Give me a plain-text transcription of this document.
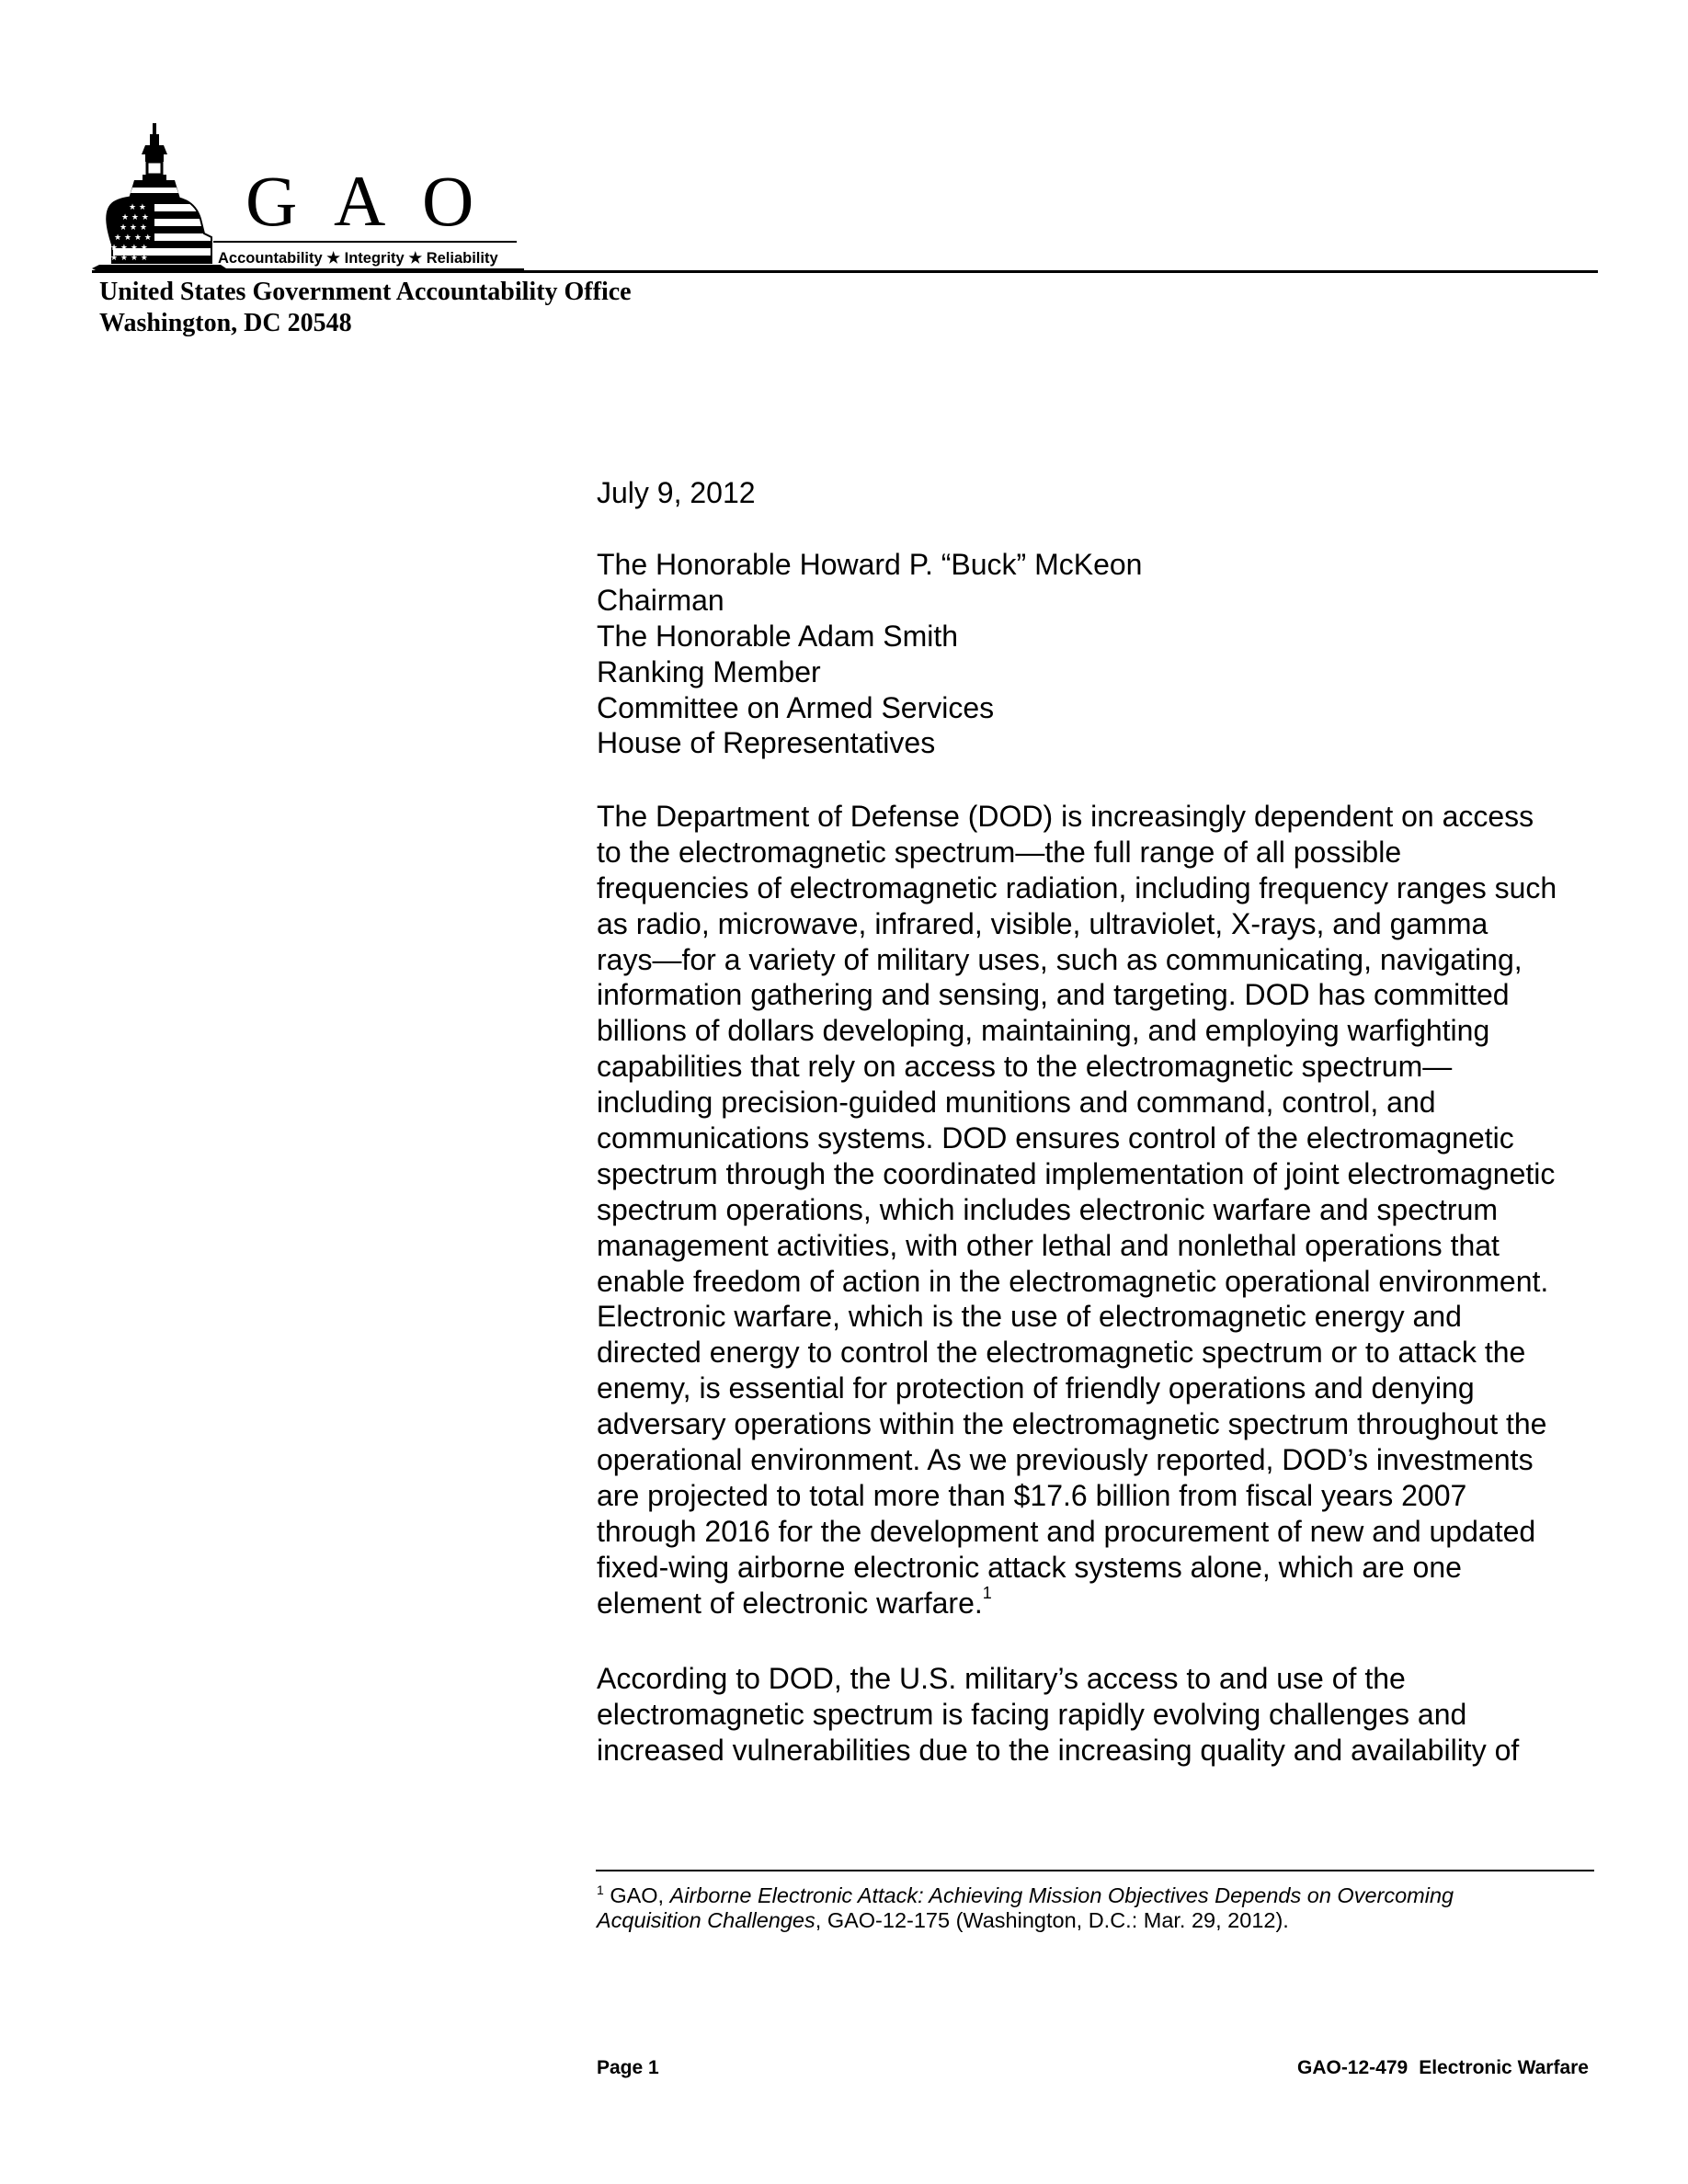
★ ★
★ ★ ★
★ ★ ★
★ ★ ★ ★
★ ★ ★ ★
★ ★ ★ ★
G A O
Accountability ★ Integrity ★ Reliability
United States Government Accountability Office
Washington, DC 20548
July 9, 2012
The Honorable Howard P. “Buck” McKeon
Chairman
The Honorable Adam Smith
Ranking Member
Committee on Armed Services
House of Representatives
The Department of Defense (DOD) is increasingly dependent on access
to the electromagnetic spectrum—the full range of all possible
frequencies of electromagnetic radiation, including frequency ranges such
as radio, microwave, infrared, visible, ultraviolet, X-rays, and gamma
rays—for a variety of military uses, such as communicating, navigating,
information gathering and sensing, and targeting. DOD has committed
billions of dollars developing, maintaining, and employing warfighting
capabilities that rely on access to the electromagnetic spectrum—
including precision-guided munitions and command, control, and
communications systems. DOD ensures control of the electromagnetic
spectrum through the coordinated implementation of joint electromagnetic
spectrum operations, which includes electronic warfare and spectrum
management activities, with other lethal and nonlethal operations that
enable freedom of action in the electromagnetic operational environment.
Electronic warfare, which is the use of electromagnetic energy and
directed energy to control the electromagnetic spectrum or to attack the
enemy, is essential for protection of friendly operations and denying
adversary operations within the electromagnetic spectrum throughout the
operational environment. As we previously reported, DOD’s investments
are projected to total more than $17.6 billion from fiscal years 2007
through 2016 for the development and procurement of new and updated
fixed-wing airborne electronic attack systems alone, which are one
element of electronic warfare.$^1$
According to DOD, the U.S. military’s access to and use of the
electromagnetic spectrum is facing rapidly evolving challenges and
increased vulnerabilities due to the increasing quality and availability of
$^1$ GAO, Airborne Electronic Attack: Achieving Mission Objectives Depends on Overcoming
Acquisition Challenges, GAO-12-175 (Washington, D.C.: Mar. 29, 2012).
Page 1	GAO-12-479 Electronic Warfare
